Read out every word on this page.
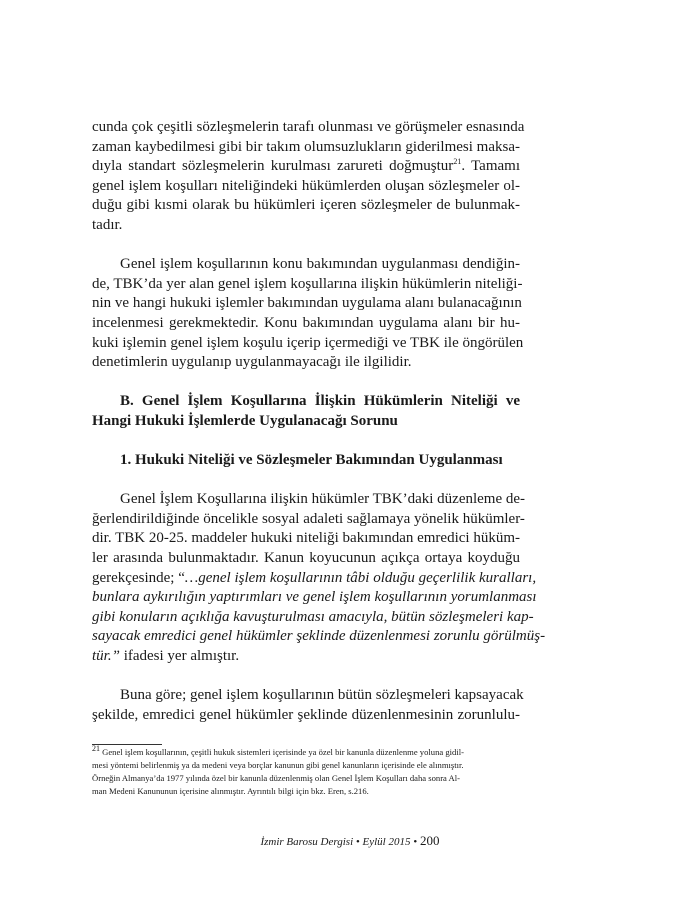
cunda çok çeşitli sözleşmelerin tarafı olunması ve görüşmeler esnasında
zaman kaybedilmesi gibi bir takım olumsuzlukların giderilmesi maksa-
dıyla standart sözleşmelerin kurulması zarureti doğmuştur$^{21}$. Tamamı
genel işlem koşulları niteliğindeki hükümlerden oluşan sözleşmeler ol-
duğu gibi kısmi olarak bu hükümleri içeren sözleşmeler de bulunmak-
tadır.
Genel işlem koşullarının konu bakımından uygulanması dendiğin-
de, TBK’da yer alan genel işlem koşullarına ilişkin hükümlerin niteliği-
nin ve hangi hukuki işlemler bakımından uygulama alanı bulanacağının
incelenmesi gerekmektedir. Konu bakımından uygulama alanı bir hu-
kuki işlemin genel işlem koşulu içerip içermediği ve TBK ile öngörülen
denetimlerin uygulanıp uygulanmayacağı ile ilgilidir.
B. Genel İşlem Koşullarına İlişkin Hükümlerin Niteliği ve
Hangi Hukuki İşlemlerde Uygulanacağı Sorunu
1. Hukuki Niteliği ve Sözleşmeler Bakımından Uygulanması
Genel İşlem Koşullarına ilişkin hükümler TBK’daki düzenleme de-
ğerlendirildiğinde öncelikle sosyal adaleti sağlamaya yönelik hükümler-
dir. TBK 20-25. maddeler hukuki niteliği bakımından emredici hüküm-
ler arasında bulunmaktadır. Kanun koyucunun açıkça ortaya koyduğu
gerekçesinde; “…genel işlem koşullarının tâbi olduğu geçerlilik kuralları,
bunlara aykırılığın yaptırımları ve genel işlem koşullarının yorumlanması
gibi konuların açıklığa kavuşturulması amacıyla, bütün sözleşmeleri kap-
sayacak emredici genel hükümler şeklinde düzenlenmesi zorunlu görülmüş-
tür.” ifadesi yer almıştır.
Buna göre; genel işlem koşullarının bütün sözleşmeleri kapsayacak
şekilde, emredici genel hükümler şeklinde düzenlenmesinin zorunlulu-
$^{21}$ Genel işlem koşullarının, çeşitli hukuk sistemleri içerisinde ya özel bir kanunla düzenlenme yoluna gidil-
mesi yöntemi belirlenmiş ya da medeni veya borçlar kanunun gibi genel kanunların içerisinde ele alınmıştır.
Örneğin Almanya’da 1977 yılında özel bir kanunla düzenlenmiş olan Genel İşlem Koşulları daha sonra Al-
man Medeni Kanununun içerisine alınmıştır. Ayrıntılı bilgi için bkz. Eren, s.216.
İzmir Barosu Dergisi • Eylül 2015 • 200
